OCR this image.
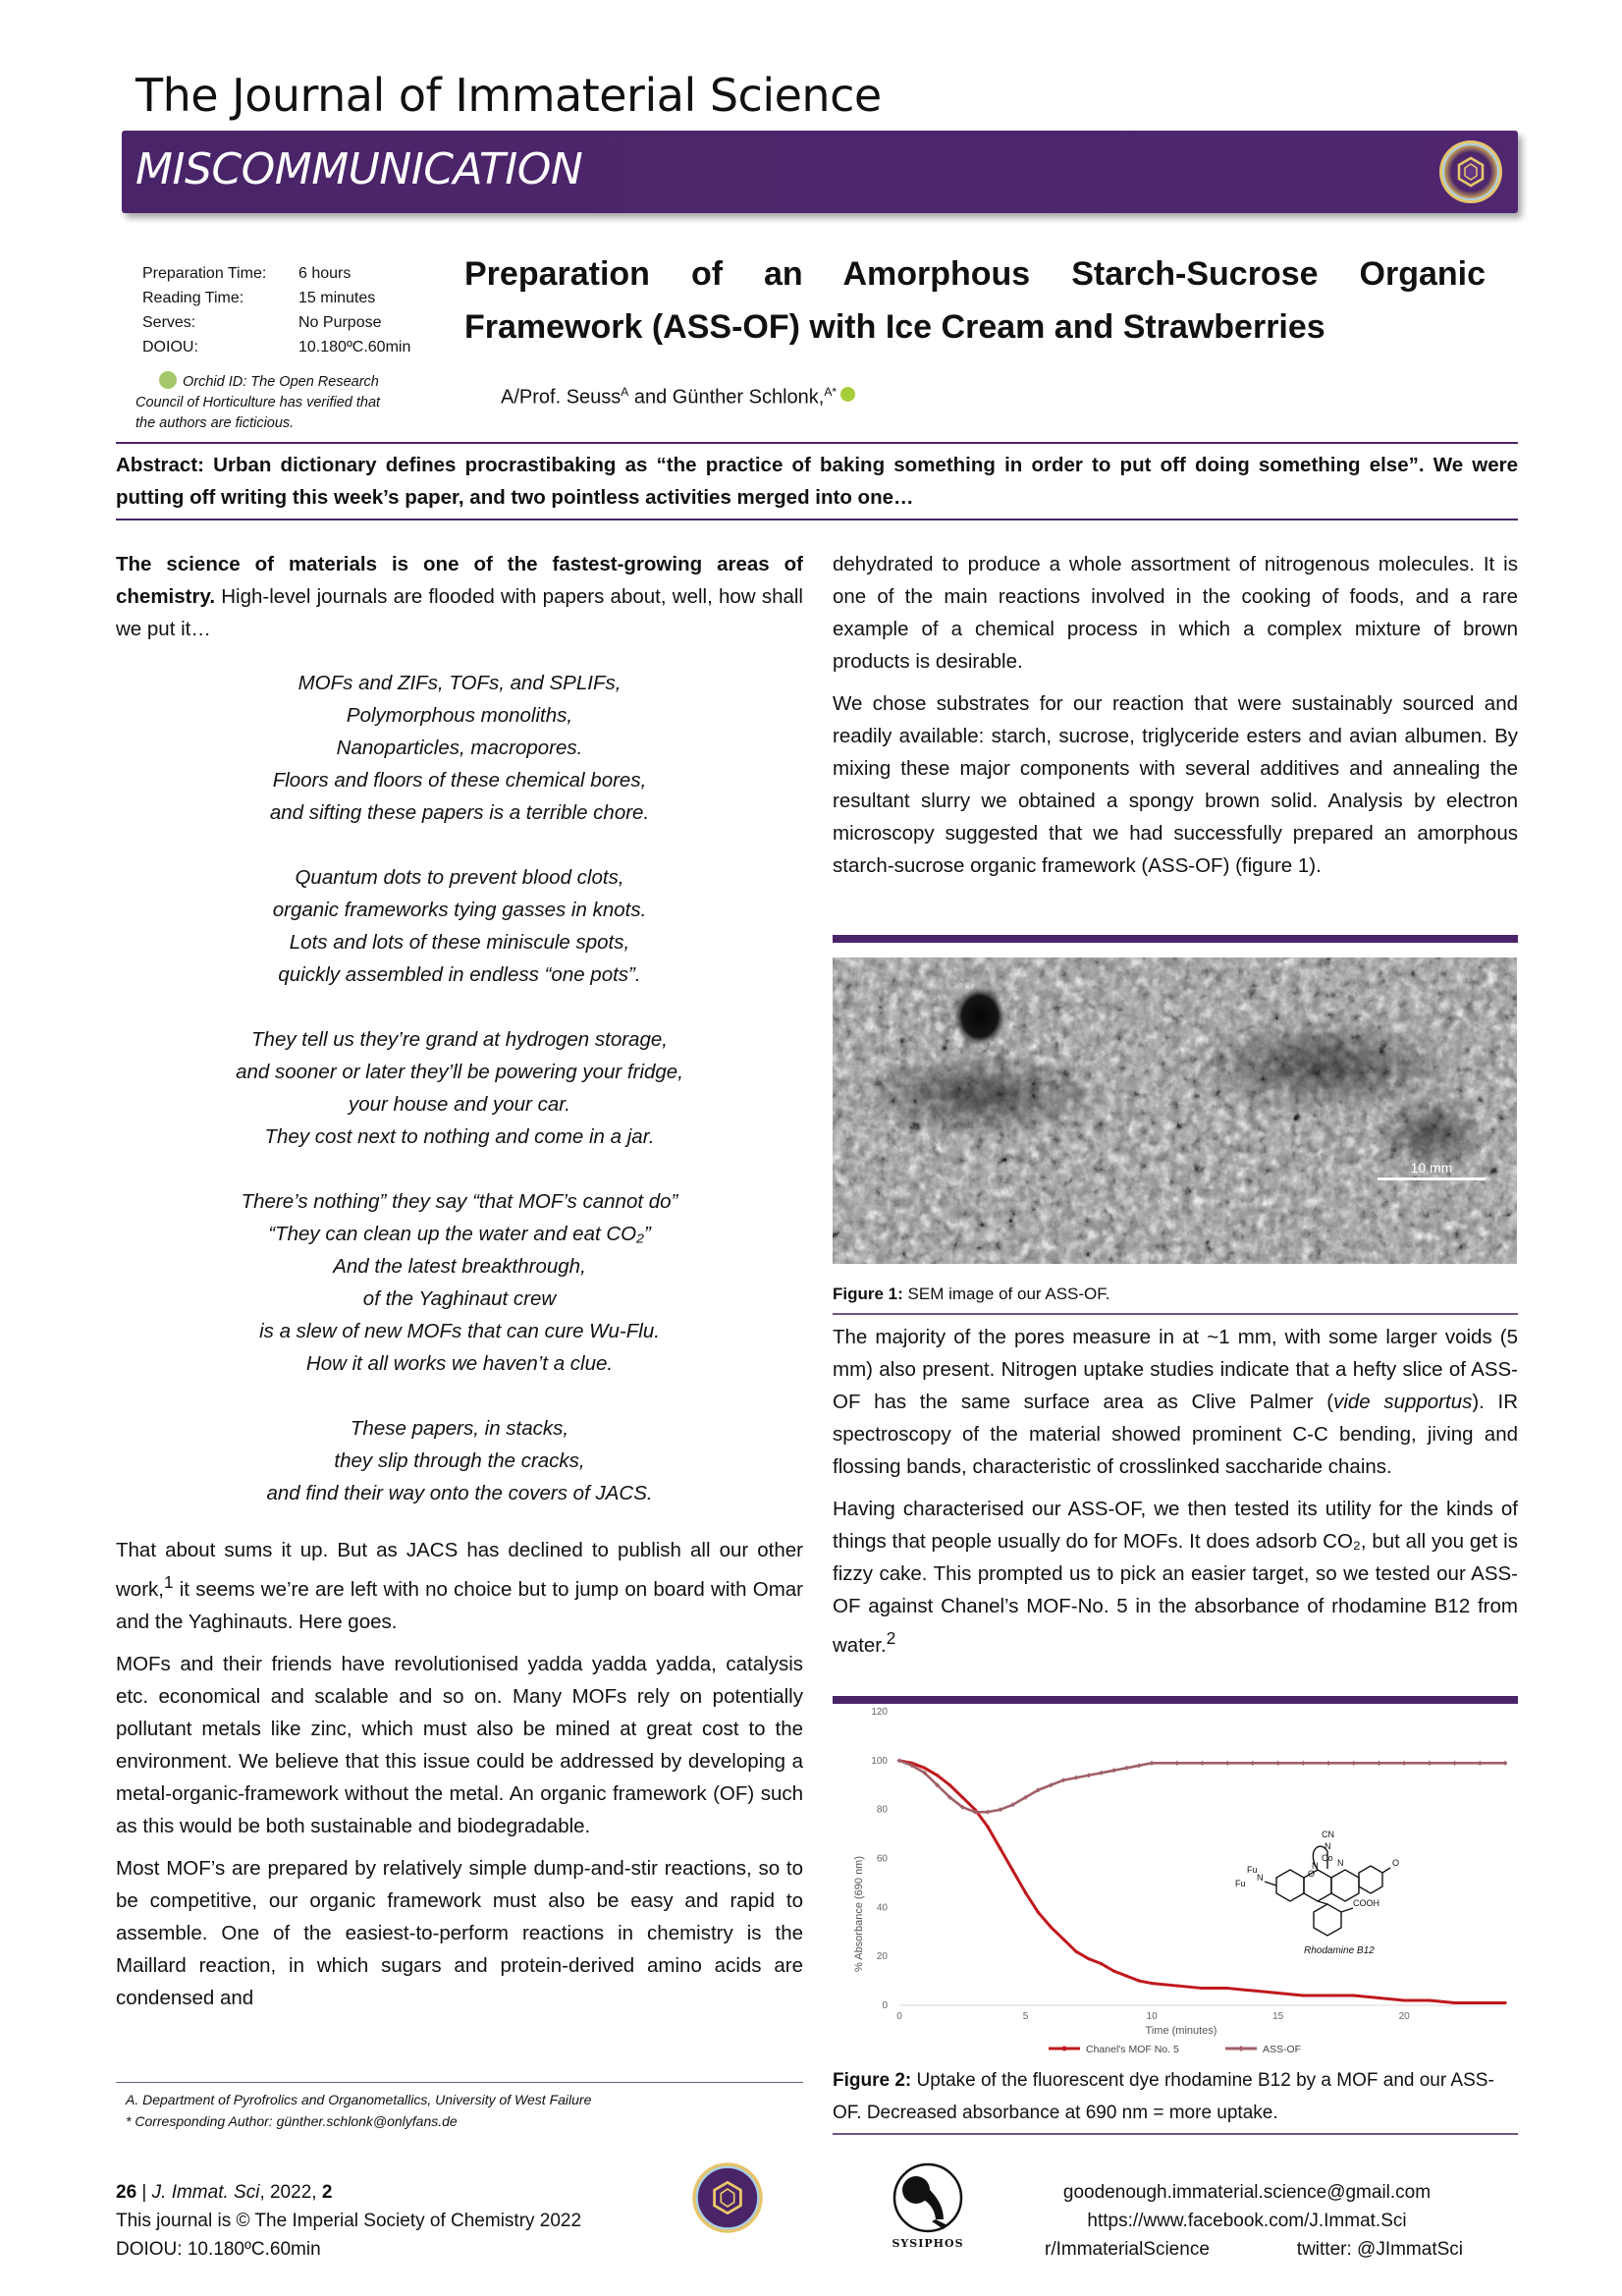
The Journal of Immaterial Science
MISCOMMUNICATION
Preparation Time:	6 hours
Reading Time:	15 minutes
Serves:	No Purpose
DOIOU:	10.180ºC.60min
Orchid ID: The Open Research Council of Horticulture has verified that the authors are ficticious.
Preparation of an Amorphous Starch-Sucrose Organic Framework (ASS-OF) with Ice Cream and Strawberries
A/Prof. Seuss$^A$ and Günther Schlonk,$^{A*}$
Abstract: Urban dictionary defines procrastibaking as “the practice of baking something in order to put off doing something else”. We were putting off writing this week’s paper, and two pointless activities merged into one…

The science of materials is one of the fastest-growing areas of chemistry. High-level journals are flooded with papers about, well, how shall we put it…

MOFs and ZIFs, TOFs, and SPLIFs,
Polymorphous monoliths,
Nanoparticles, macropores.
Floors and floors of these chemical bores,
and sifting these papers is a terrible chore.
Quantum dots to prevent blood clots,
organic frameworks tying gasses in knots.
Lots and lots of these miniscule spots,
quickly assembled in endless “one pots”.
They tell us they’re grand at hydrogen storage,
and sooner or later they’ll be powering your fridge,
your house and your car.
They cost next to nothing and come in a jar.
There’s nothing” they say “that MOF’s cannot do”
“They can clean up the water and eat CO₂”
And the latest breakthrough,
of the Yaghinaut crew
is a slew of new MOFs that can cure Wu-Flu.
How it all works we haven’t a clue.
These papers, in stacks,
they slip through the cracks,
and find their way onto the covers of JACS.

That about sums it up. But as JACS has declined to publish all our other work,$^1$ it seems we’re are left with no choice but to jump on board with Omar and the Yaghinauts. Here goes.

MOFs and their friends have revolutionised yadda yadda yadda, catalysis etc. economical and scalable and so on. Many MOFs rely on potentially pollutant metals like zinc, which must also be mined at great cost to the environment. We believe that this issue could be addressed by developing a metal-organic-framework without the metal. An organic framework (OF) such as this would be both sustainable and biodegradable.

Most MOF’s are prepared by relatively simple dump-and-stir reactions, so to be competitive, our organic framework must also be easy and rapid to assemble. One of the easiest-to-perform reactions in chemistry is the Maillard reaction, in which sugars and protein-derived amino acids are condensed and

dehydrated to produce a whole assortment of nitrogenous molecules. It is one of the main reactions involved in the cooking of foods, and a rare example of a chemical process in which a complex mixture of brown products is desirable.

We chose substrates for our reaction that were sustainably sourced and readily available: starch, sucrose, triglyceride esters and avian albumen. By mixing these major components with several additives and annealing the resultant slurry we obtained a spongy brown solid. Analysis by electron microscopy suggested that we had successfully prepared an amorphous starch-sucrose organic framework (ASS-OF) (figure 1).

10 mm
Figure 1: SEM image of our ASS-OF.

The majority of the pores measure in at ~1 mm, with some larger voids (5 mm) also present. Nitrogen uptake studies indicate that a hefty slice of ASS-OF has the same surface area as Clive Palmer (vide supportus). IR spectroscopy of the material showed prominent C-C bending, jiving and flossing bands, characteristic of crosslinked saccharide chains.

Having characterised our ASS-OF, we then tested its utility for the kinds of things that people usually do for MOFs. It does adsorb CO₂, but all you get is fizzy cake. This prompted us to pick an easier target, so we tested our ASS-OF against Chanel’s MOF-No. 5 in the absorbance of rhodamine B12 from water.$^2$

0
20
40
60
80
100
120
0	5	10	15	20
Time (minutes)
% Absorbance (690 nm)
Chanel's MOF No. 5	ASS-OF
CN
N
Co
N N	O
O
Fu
N
Fu
COOH
Rhodamine B12
Figure 2: Uptake of the fluorescent dye rhodamine B12 by a MOF and our ASS-OF. Decreased absorbance at 690 nm = more uptake.
A. Department of Pyrofrolics and Organometallics, University of West Failure
* Corresponding Author: günther.schlonk@onlyfans.de
26 | J. Immat. Sci, 2022, 2
This journal is © The Imperial Society of Chemistry 2022
DOIOU: 10.180ºC.60min	SYSIPHOS
goodenough.immaterial.science@gmail.com
https://www.facebook.com/J.Immat.Sci
r/ImmaterialScience	twitter: @JImmatSci
